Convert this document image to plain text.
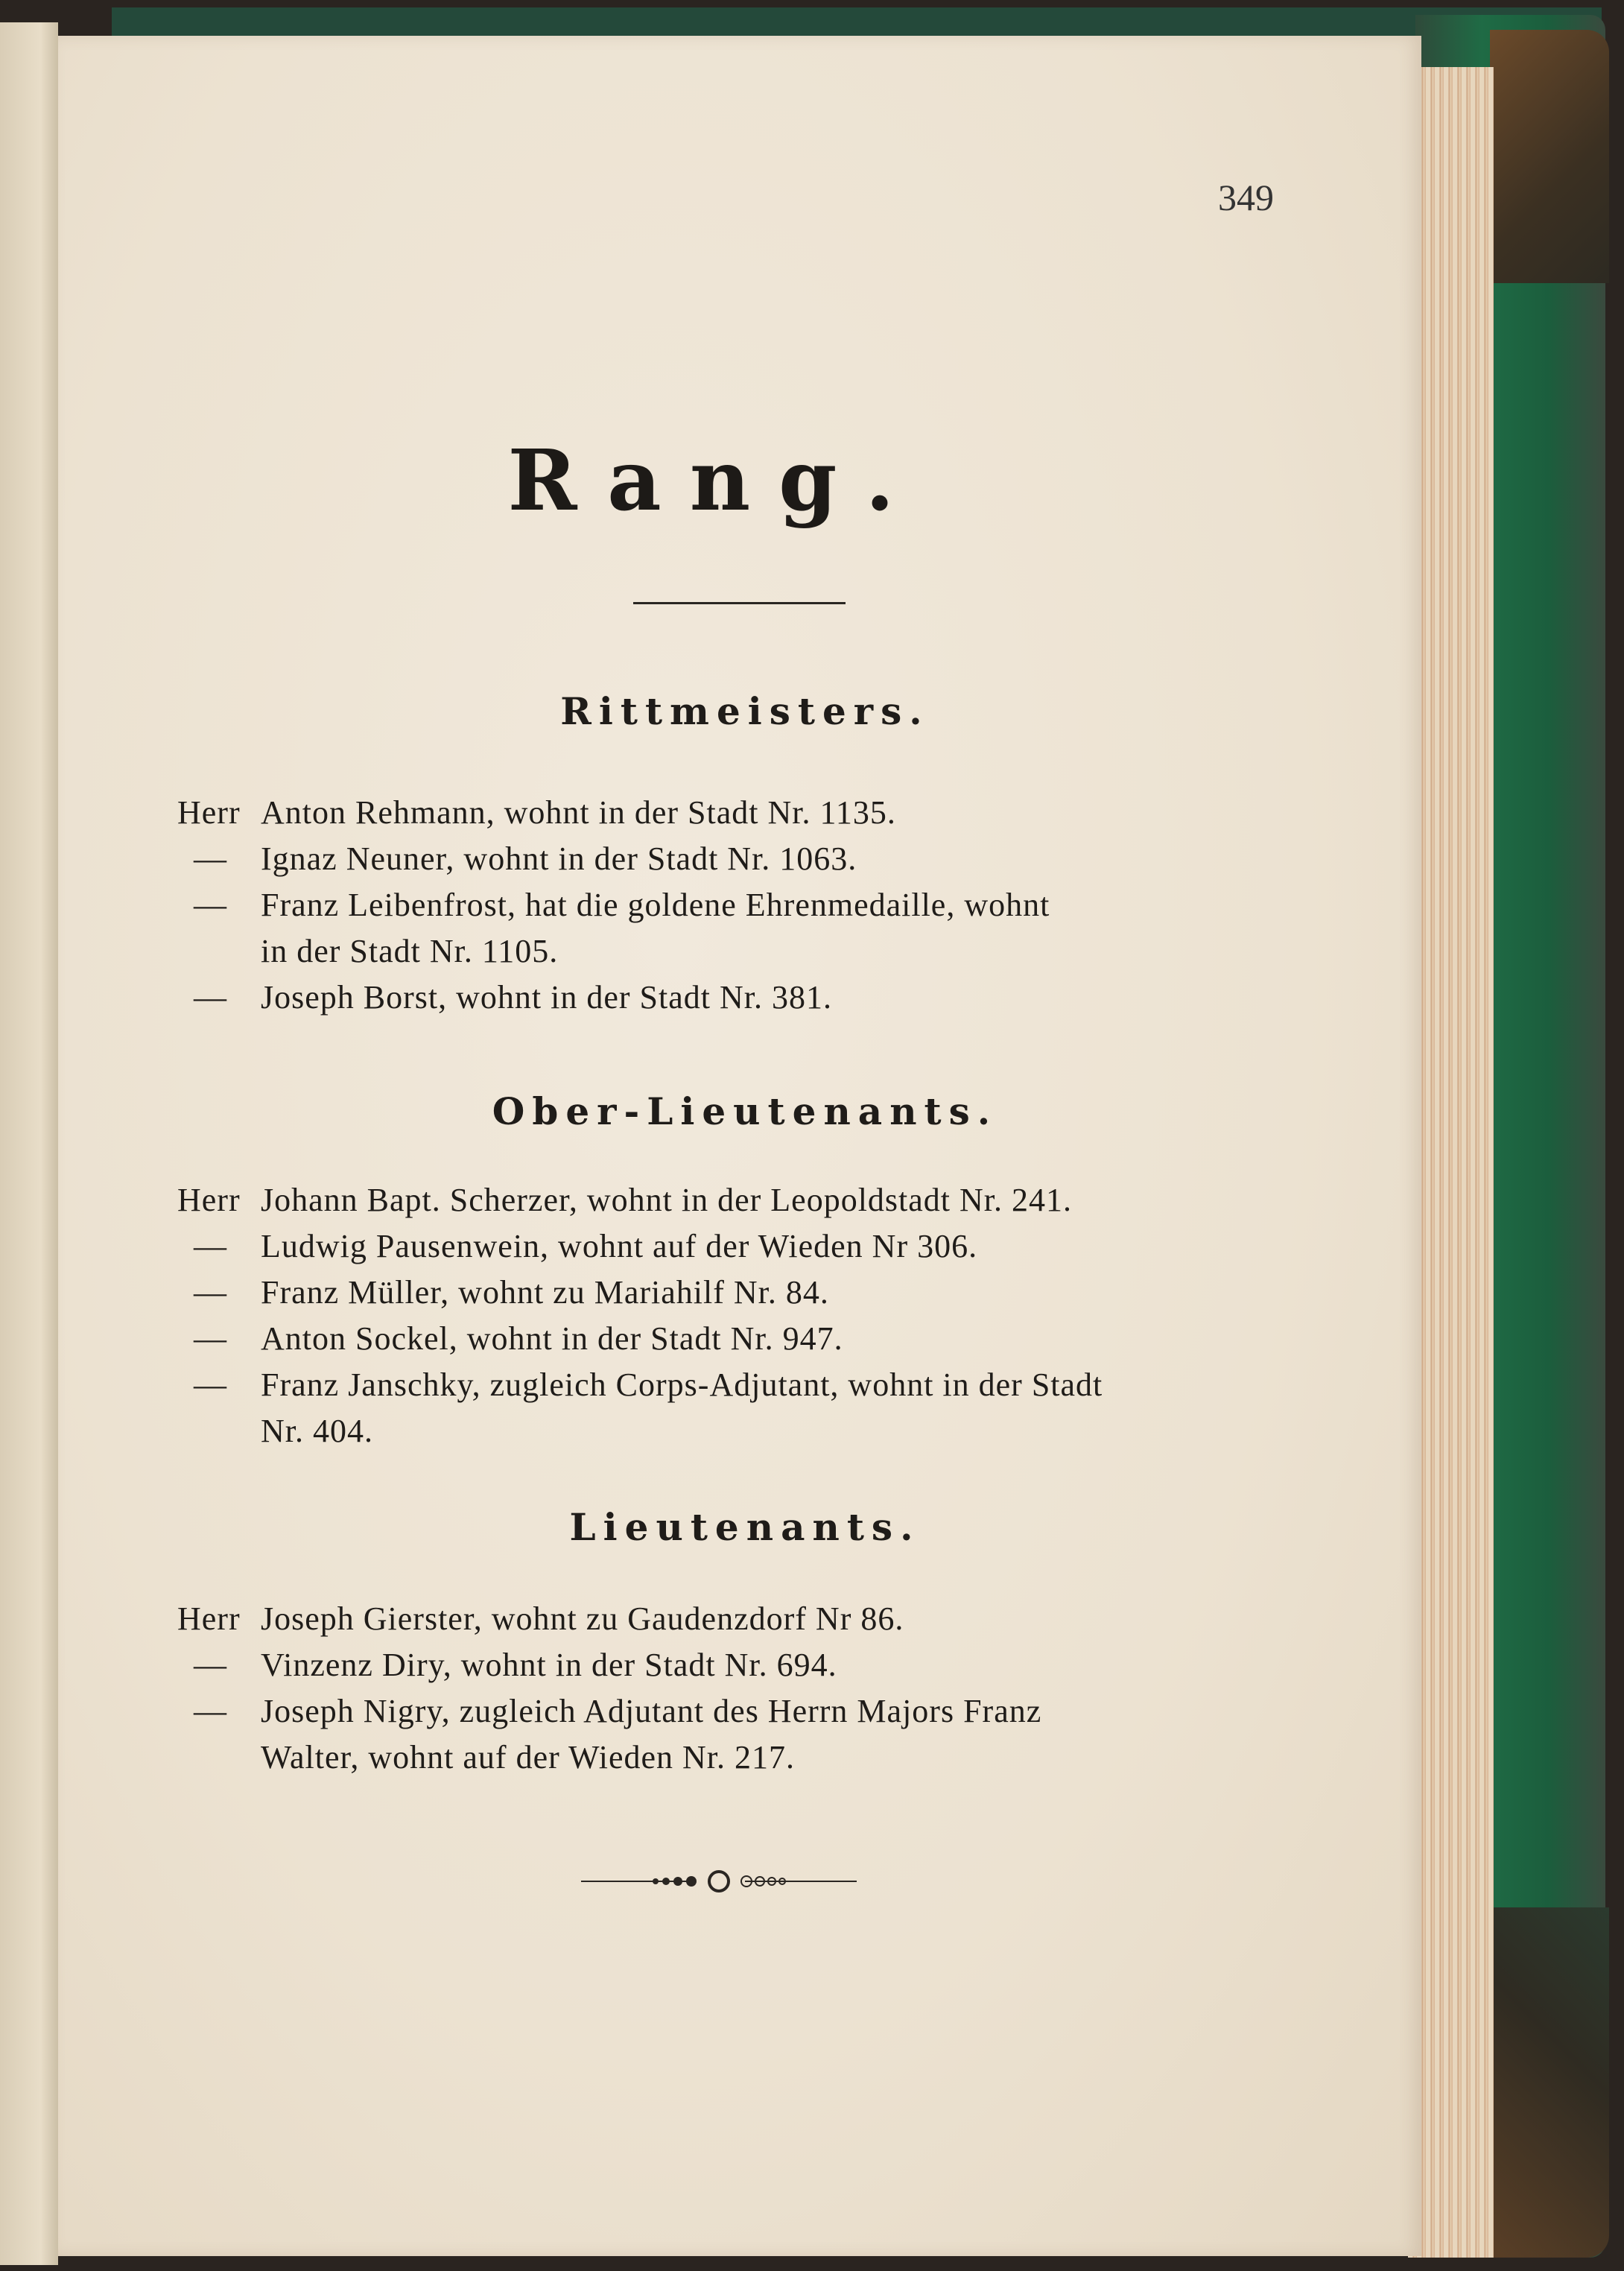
349
Rang.
Rittmeisters.
Herr Anton Rehmann, wohnt in der Stadt Nr. 1135.
— Ignaz Neuner, wohnt in der Stadt Nr. 1063.
— Franz Leibenfrost, hat die goldene Ehrenmedaille, wohnt
in der Stadt Nr. 1105.
— Joseph Borst, wohnt in der Stadt Nr. 381.
Ober-Lieutenants.
Herr Johann Bapt. Scherzer, wohnt in der Leopoldstadt Nr. 241.
— Ludwig Pausenwein, wohnt auf der Wieden Nr 306.
— Franz Müller, wohnt zu Mariahilf Nr. 84.
— Anton Sockel, wohnt in der Stadt Nr. 947.
— Franz Janschky, zugleich Corps-Adjutant, wohnt in der Stadt
Nr. 404.
Lieutenants.
Herr Joseph Gierster, wohnt zu Gaudenzdorf Nr 86.
— Vinzenz Diry, wohnt in der Stadt Nr. 694.
— Joseph Nigry, zugleich Adjutant des Herrn Majors Franz
Walter, wohnt auf der Wieden Nr. 217.
